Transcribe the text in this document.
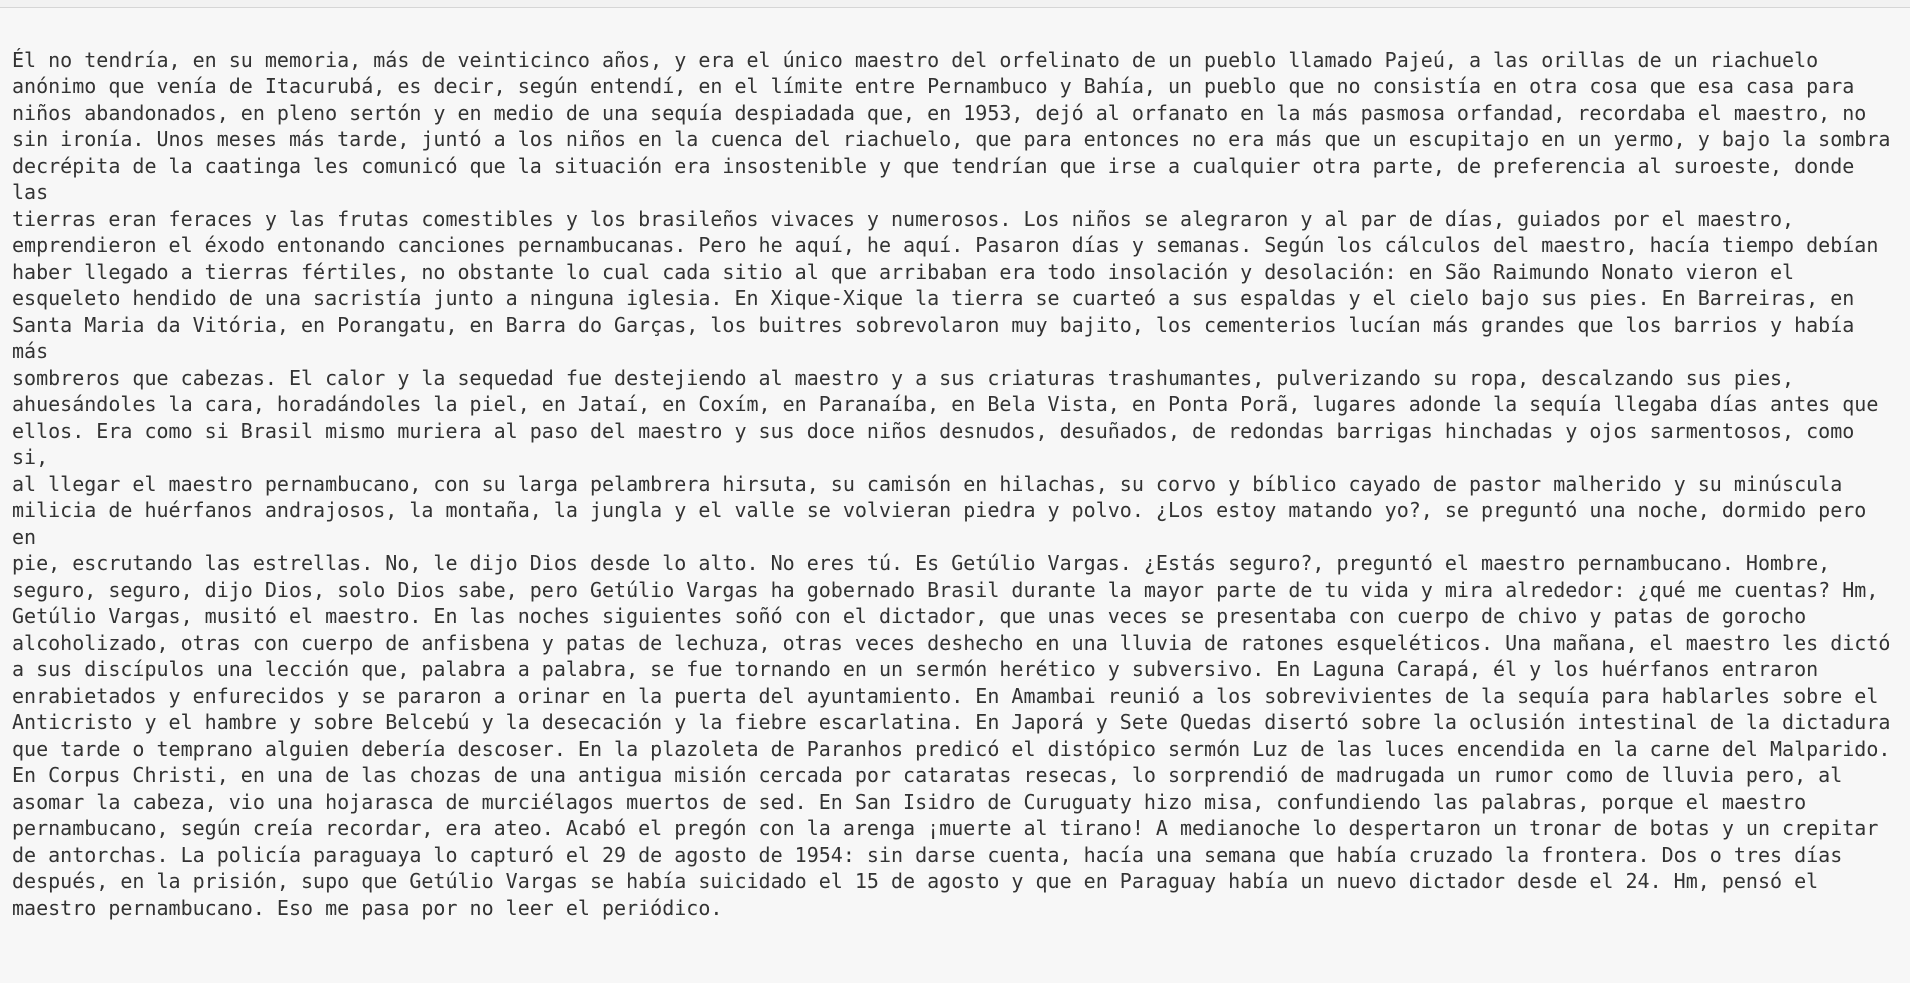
Él no tendría, en su memoria, más de veinticinco años, y era el único maestro del orfelinato de un pueblo llamado Pajeú, a las orillas de un riachuelo
anónimo que venía de Itacurubá, es decir, según entendí, en el límite entre Pernambuco y Bahía, un pueblo que no consistía en otra cosa que esa casa para
niños abandonados, en pleno sertón y en medio de una sequía despiadada que, en 1953, dejó al orfanato en la más pasmosa orfandad, recordaba el maestro, no
sin ironía. Unos meses más tarde, juntó a los niños en la cuenca del riachuelo, que para entonces no era más que un escupitajo en un yermo, y bajo la sombra
decrépita de la caatinga les comunicó que la situación era insostenible y que tendrían que irse a cualquier otra parte, de preferencia al suroeste, donde las
tierras eran feraces y las frutas comestibles y los brasileños vivaces y numerosos. Los niños se alegraron y al par de días, guiados por el maestro,
emprendieron el éxodo entonando canciones pernambucanas. Pero he aquí, he aquí. Pasaron días y semanas. Según los cálculos del maestro, hacía tiempo debían
haber llegado a tierras fértiles, no obstante lo cual cada sitio al que arribaban era todo insolación y desolación: en São Raimundo Nonato vieron el
esqueleto hendido de una sacristía junto a ninguna iglesia. En Xique-Xique la tierra se cuarteó a sus espaldas y el cielo bajo sus pies. En Barreiras, en
Santa Maria da Vitória, en Porangatu, en Barra do Garças, los buitres sobrevolaron muy bajito, los cementerios lucían más grandes que los barrios y había más
sombreros que cabezas. El calor y la sequedad fue destejiendo al maestro y a sus criaturas trashumantes, pulverizando su ropa, descalzando sus pies,
ahuesándoles la cara, horadándoles la piel, en Jataí, en Coxím, en Paranaíba, en Bela Vista, en Ponta Porã, lugares adonde la sequía llegaba días antes que
ellos. Era como si Brasil mismo muriera al paso del maestro y sus doce niños desnudos, desuñados, de redondas barrigas hinchadas y ojos sarmentosos, como si,
al llegar el maestro pernambucano, con su larga pelambrera hirsuta, su camisón en hilachas, su corvo y bíblico cayado de pastor malherido y su minúscula
milicia de huérfanos andrajosos, la montaña, la jungla y el valle se volvieran piedra y polvo. ¿Los estoy matando yo?, se preguntó una noche, dormido pero en
pie, escrutando las estrellas. No, le dijo Dios desde lo alto. No eres tú. Es Getúlio Vargas. ¿Estás seguro?, preguntó el maestro pernambucano. Hombre,
seguro, seguro, dijo Dios, solo Dios sabe, pero Getúlio Vargas ha gobernado Brasil durante la mayor parte de tu vida y mira alrededor: ¿qué me cuentas? Hm,
Getúlio Vargas, musitó el maestro. En las noches siguientes soñó con el dictador, que unas veces se presentaba con cuerpo de chivo y patas de gorocho
alcoholizado, otras con cuerpo de anfisbena y patas de lechuza, otras veces deshecho en una lluvia de ratones esqueléticos. Una mañana, el maestro les dictó
a sus discípulos una lección que, palabra a palabra, se fue tornando en un sermón herético y subversivo. En Laguna Carapá, él y los huérfanos entraron
enrabietados y enfurecidos y se pararon a orinar en la puerta del ayuntamiento. En Amambai reunió a los sobrevivientes de la sequía para hablarles sobre el
Anticristo y el hambre y sobre Belcebú y la desecación y la fiebre escarlatina. En Japorá y Sete Quedas disertó sobre la oclusión intestinal de la dictadura
que tarde o temprano alguien debería descoser. En la plazoleta de Paranhos predicó el distópico sermón Luz de las luces encendida en la carne del Malparido.
En Corpus Christi, en una de las chozas de una antigua misión cercada por cataratas resecas, lo sorprendió de madrugada un rumor como de lluvia pero, al
asomar la cabeza, vio una hojarasca de murciélagos muertos de sed. En San Isidro de Curuguaty hizo misa, confundiendo las palabras, porque el maestro
pernambucano, según creía recordar, era ateo. Acabó el pregón con la arenga ¡muerte al tirano! A medianoche lo despertaron un tronar de botas y un crepitar
de antorchas. La policía paraguaya lo capturó el 29 de agosto de 1954: sin darse cuenta, hacía una semana que había cruzado la frontera. Dos o tres días
después, en la prisión, supo que Getúlio Vargas se había suicidado el 15 de agosto y que en Paraguay había un nuevo dictador desde el 24. Hm, pensó el
maestro pernambucano. Eso me pasa por no leer el periódico.
